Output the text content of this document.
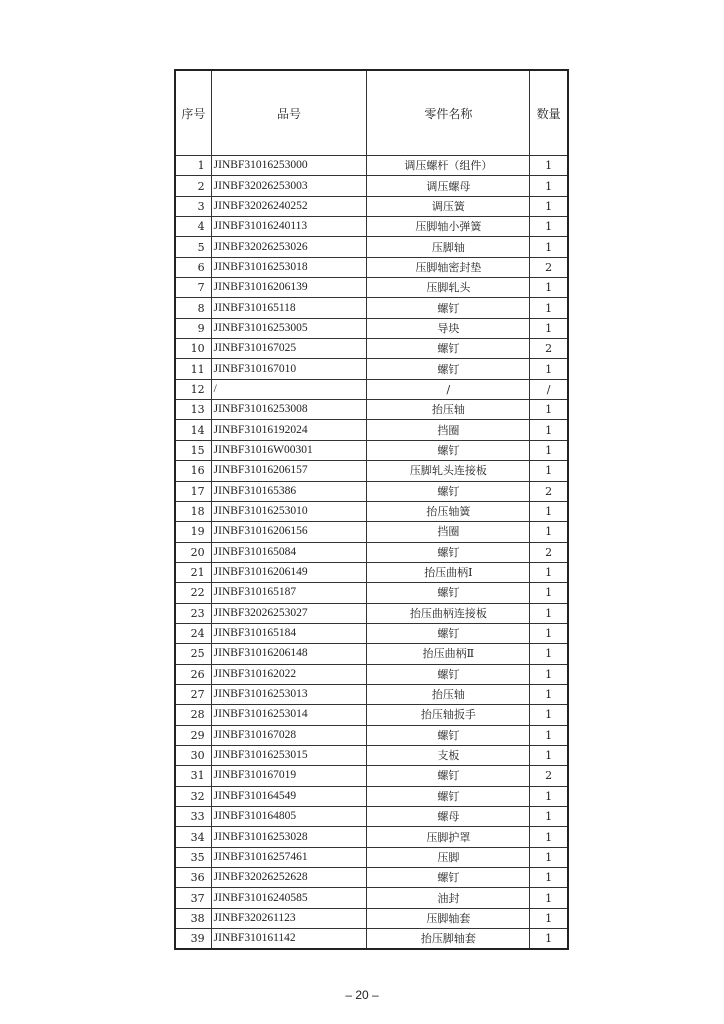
序号	品号	零件名称	数量
1	JINBF31016253000	调压螺杆（组件）	1
2	JINBF32026253003	调压螺母	1
3	JINBF32026240252	调压簧	1
4	JINBF31016240113	压脚轴小弹簧	1
5	JINBF32026253026	压脚轴	1
6	JINBF31016253018	压脚轴密封垫	2
7	JINBF31016206139	压脚轧头	1
8	JINBF310165118	螺钉	1
9	JINBF31016253005	导块	1
10	JINBF310167025	螺钉	2
11	JINBF310167010	螺钉	1
12	/	/	/
13	JINBF31016253008	抬压轴	1
14	JINBF31016192024	挡圈	1
15	JINBF31016W00301	螺钉	1
16	JINBF31016206157	压脚轧头连接板	1
17	JINBF310165386	螺钉	2
18	JINBF31016253010	抬压轴簧	1
19	JINBF31016206156	挡圈	1
20	JINBF310165084	螺钉	2
21	JINBF31016206149	抬压曲柄Ⅰ	1
22	JINBF310165187	螺钉	1
23	JINBF32026253027	抬压曲柄连接板	1
24	JINBF310165184	螺钉	1
25	JINBF31016206148	抬压曲柄Ⅱ	1
26	JINBF310162022	螺钉	1
27	JINBF31016253013	抬压轴	1
28	JINBF31016253014	抬压轴扳手	1
29	JINBF310167028	螺钉	1
30	JINBF31016253015	支板	1
31	JINBF310167019	螺钉	2
32	JINBF310164549	螺钉	1
33	JINBF310164805	螺母	1
34	JINBF31016253028	压脚护罩	1
35	JINBF31016257461	压脚	1
36	JINBF32026252628	螺钉	1
37	JINBF31016240585	油封	1
38	JINBF320261123	压脚轴套	1
39	JINBF310161142	抬压脚轴套	1
– 20 –
